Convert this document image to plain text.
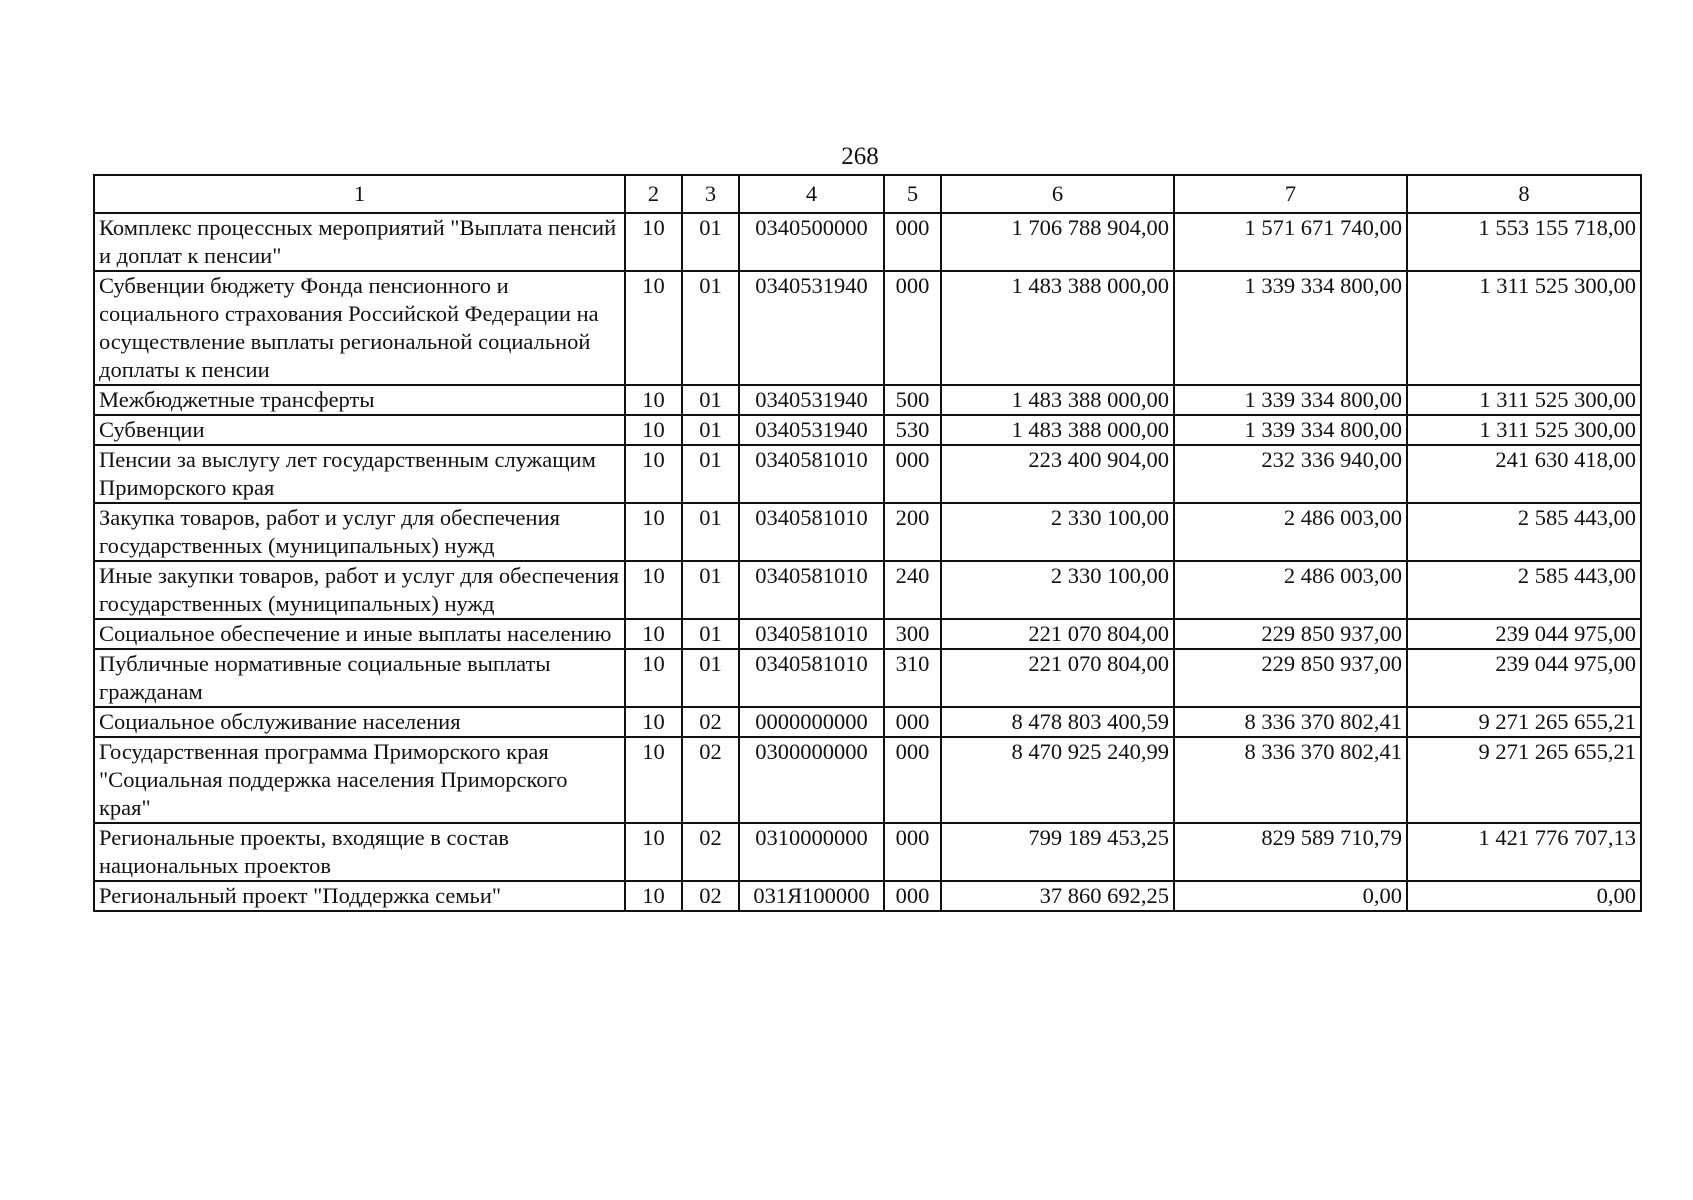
268
1	2	3	4	5	6	7	8
Комплекс процессных мероприятий "Выплата пенсий и доплат к пенсии"	10	01	0340500000	000	1 706 788 904,00	1 571 671 740,00	1 553 155 718,00
Субвенции бюджету Фонда пенсионного и социального страхования Российской Федерации на осуществление выплаты региональной социальной доплаты к пенсии	10	01	0340531940	000	1 483 388 000,00	1 339 334 800,00	1 311 525 300,00
Межбюджетные трансферты	10	01	0340531940	500	1 483 388 000,00	1 339 334 800,00	1 311 525 300,00
Субвенции	10	01	0340531940	530	1 483 388 000,00	1 339 334 800,00	1 311 525 300,00
Пенсии за выслугу лет государственным служащим Приморского края	10	01	0340581010	000	223 400 904,00	232 336 940,00	241 630 418,00
Закупка товаров, работ и услуг для обеспечения государственных (муниципальных) нужд	10	01	0340581010	200	2 330 100,00	2 486 003,00	2 585 443,00
Иные закупки товаров, работ и услуг для обеспечения государственных (муниципальных) нужд	10	01	0340581010	240	2 330 100,00	2 486 003,00	2 585 443,00
Социальное обеспечение и иные выплаты населению	10	01	0340581010	300	221 070 804,00	229 850 937,00	239 044 975,00
Публичные нормативные социальные выплаты гражданам	10	01	0340581010	310	221 070 804,00	229 850 937,00	239 044 975,00
Социальное обслуживание населения	10	02	0000000000	000	8 478 803 400,59	8 336 370 802,41	9 271 265 655,21
Государственная программа Приморского края "Социальная поддержка населения Приморского края"	10	02	0300000000	000	8 470 925 240,99	8 336 370 802,41	9 271 265 655,21
Региональные проекты, входящие в состав национальных проектов	10	02	0310000000	000	799 189 453,25	829 589 710,79	1 421 776 707,13
Региональный проект "Поддержка семьи"	10	02	031Я100000	000	37 860 692,25	0,00	0,00
